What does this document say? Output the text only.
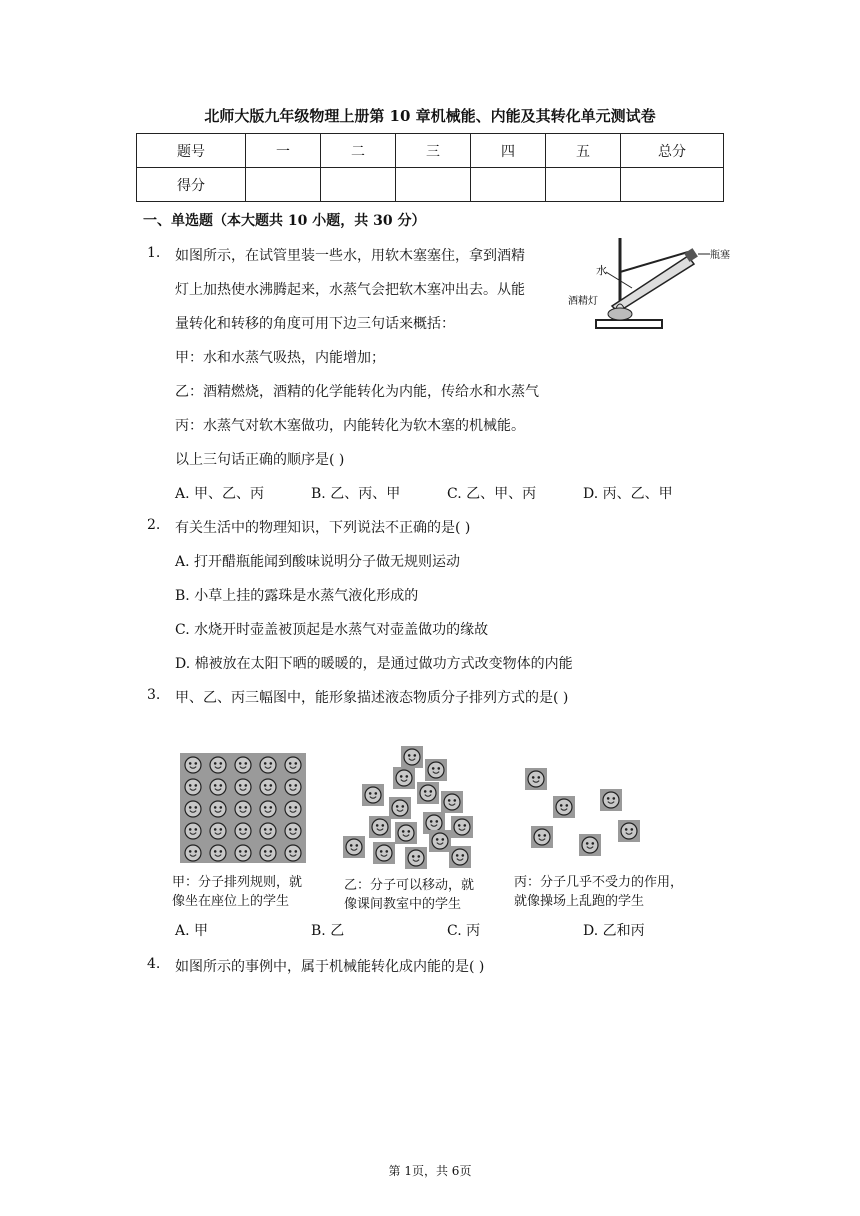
北师大版九年级物理上册第 10 章机械能、内能及其转化单元测试卷
题号	一	二	三	四	五	总分
得分						
一、单选题（本大题共 10 小题，共 30 分）
1. 如图所示，在试管里装一些水，用软木塞塞住，拿到酒精
灯上加热使水沸腾起来，水蒸气会把软木塞冲出去。从能
量转化和转移的角度可用下边三句话来概括：
甲：水和水蒸气吸热，内能增加；
乙：酒精燃烧，酒精的化学能转化为内能，传给水和水蒸气
丙：水蒸气对软木塞做功，内能转化为软木塞的机械能。
以上三句话正确的顺序是( )
瓶塞
水
酒精灯
A. 甲、乙、丙	B. 乙、丙、甲	C. 乙、甲、丙	D. 丙、乙、甲
2. 有关生活中的物理知识，下列说法不正确的是( )
A. 打开醋瓶能闻到酸味说明分子做无规则运动
B. 小草上挂的露珠是水蒸气液化形成的
C. 水烧开时壶盖被顶起是水蒸气对壶盖做功的缘故
D. 棉被放在太阳下晒的暖暖的，是通过做功方式改变物体的内能
3. 甲、乙、丙三幅图中，能形象描述液态物质分子排列方式的是( )
甲：分子排列规则，就
像坐在座位上的学生
乙：分子可以移动，就
像课间教室中的学生
丙：分子几乎不受力的作用，
就像操场上乱跑的学生
A. 甲	B. 乙	C. 丙	D. 乙和丙
4. 如图所示的事例中，属于机械能转化成内能的是( )
第 1页，共 6页
